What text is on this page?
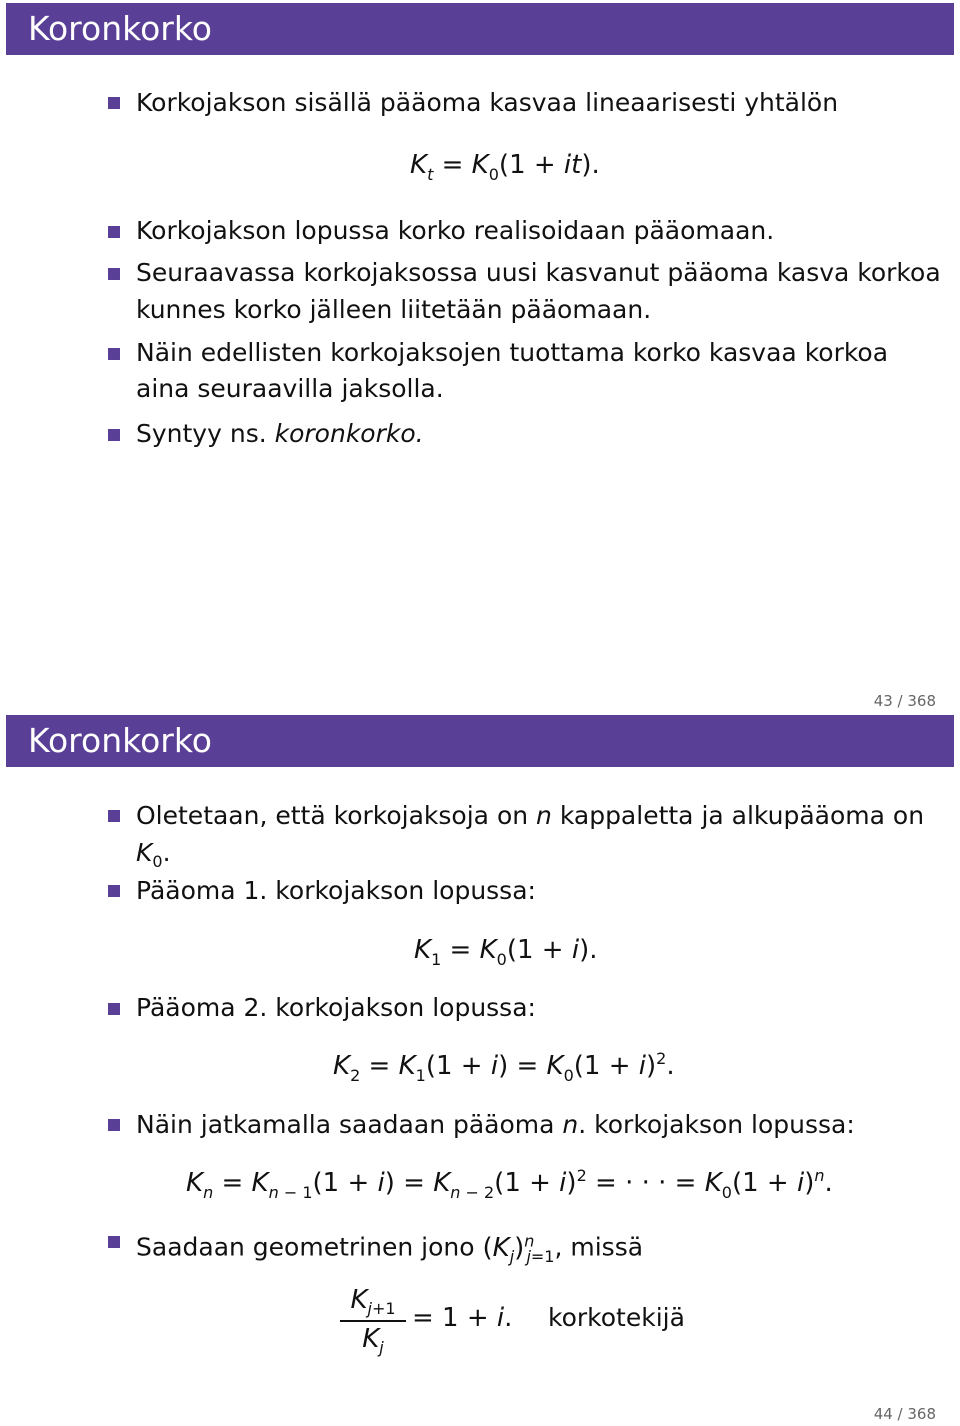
Koronkorko
Korkojakson sisällä pääoma kasvaa lineaarisesti yhtälön
$K_t = K_0(1 + it)$.
Korkojakson lopussa korko realisoidaan pääomaan.
Seuraavassa korkojaksossa uusi kasvanut pääoma kasva korkoa
kunnes korko jälleen liitetään pääomaan.
Näin edellisten korkojaksojen tuottama korko kasvaa korkoa
aina seuraavilla jaksolla.
Syntyy ns. koronkorko.
43 / 368
Koronkorko
Oletetaan, että korkojaksoja on n kappaletta ja alkupääoma on
$K_0$.
Pääoma 1. korkojakson lopussa:
$K_1 = K_0(1 + i)$.
Pääoma 2. korkojakson lopussa:
$K_2 = K_1(1 + i) = K_0(1 + i)^2$.
Näin jatkamalla saadaan pääoma n. korkojakson lopussa:
$K_n = K_{n - 1}(1 + i) = K_{n - 2}(1 + i)^2$ = · · · = $K_0(1 + i)^n$.
Saadaan geometrinen jono $(K_j)^n_{j=1}$, missä
$K_{j+1}$
$K_j$
= 1 + i. korkotekijä
44 / 368
